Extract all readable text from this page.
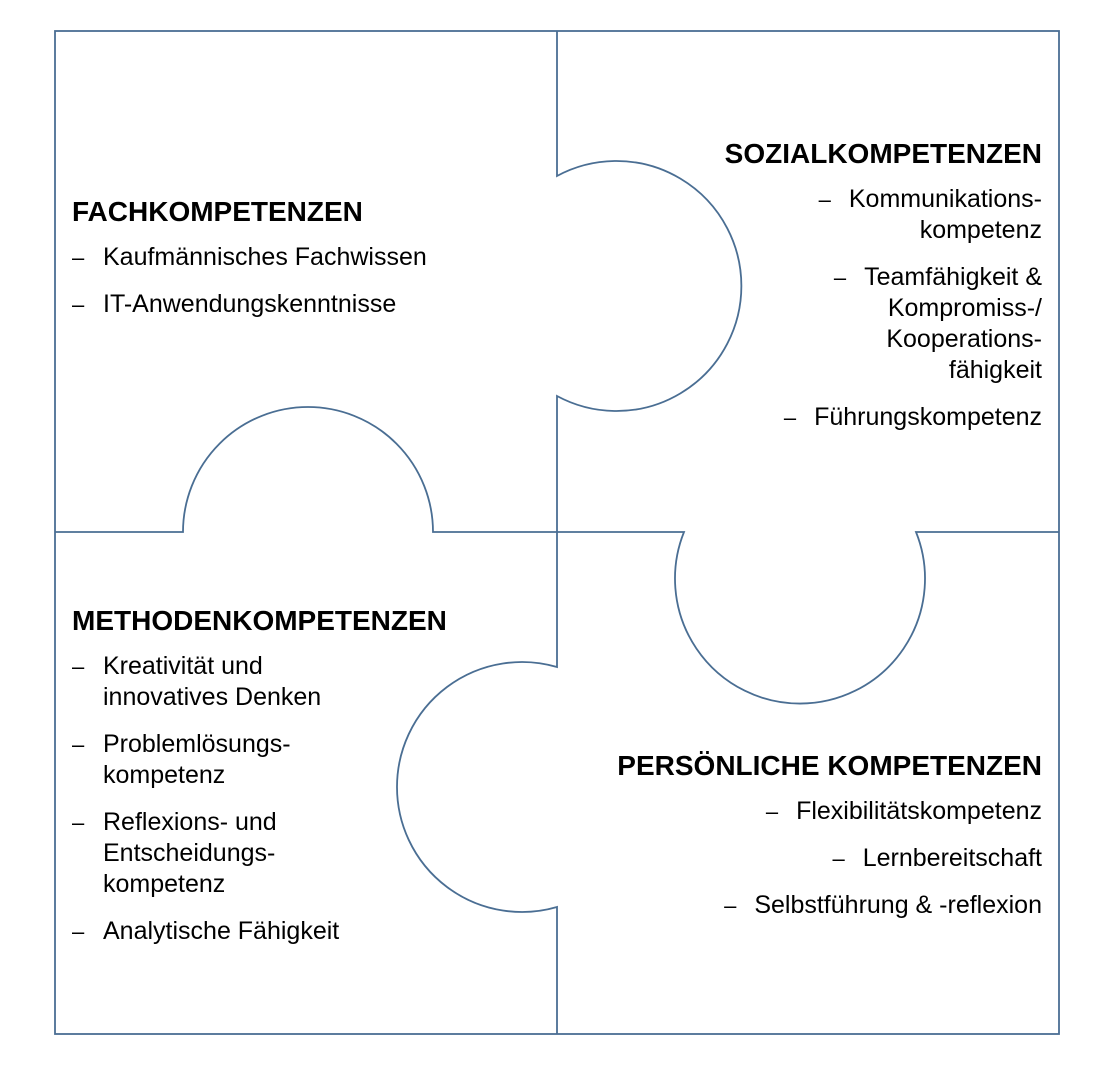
FACHKOMPETENZEN
– Kaufmännisches Fachwissen
– IT-Anwendungskenntnisse
SOZIALKOMPETENZEN
– Kommunikations-
kompetenz
– Teamfähigkeit &
Kompromiss-/
Kooperations-
fähigkeit
– Führungskompetenz
METHODENKOMPETENZEN
– Kreativität und
innovatives Denken
– Problemlösungs-
kompetenz
– Reflexions- und
Entscheidungs-
kompetenz
– Analytische Fähigkeit
PERSÖNLICHE KOMPETENZEN
– Flexibilitätskompetenz
– Lernbereitschaft
– Selbstführung & -reflexion
